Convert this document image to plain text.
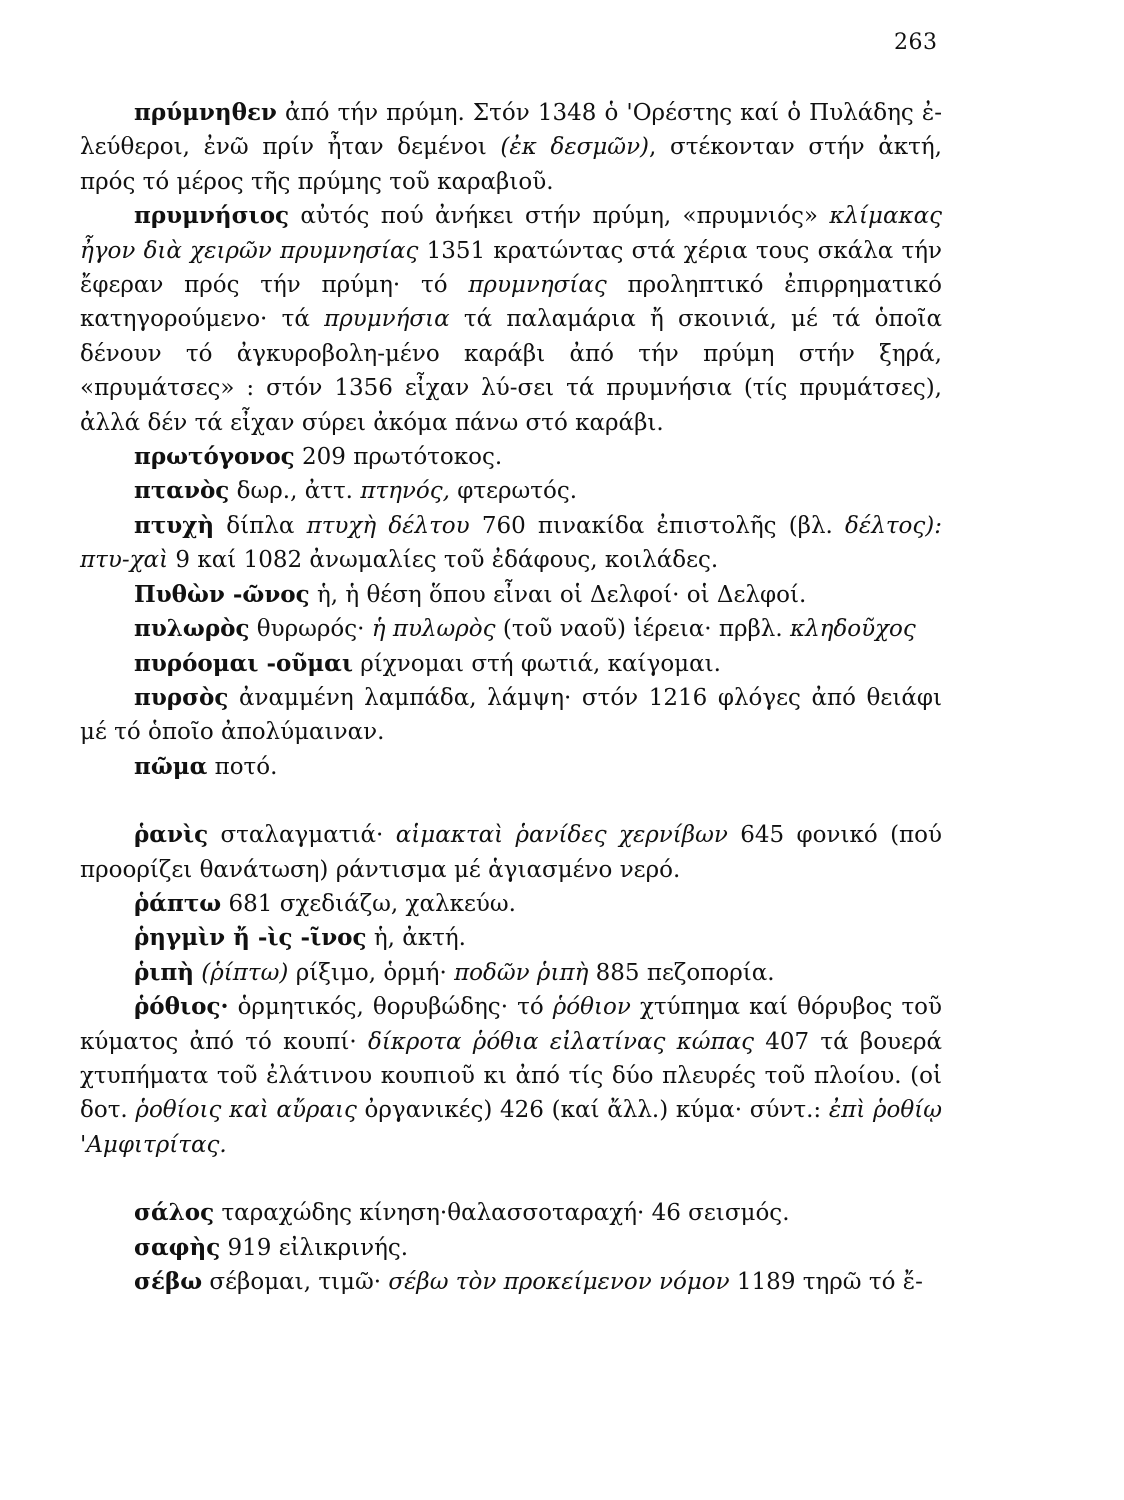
263

πρύμνηθεν ἀπό τήν πρύμη. Στόν 1348 ὁ 'Ορέστης καί ὁ Πυλάδης ἐ-λεύθεροι, ἐνῶ πρίν ἦταν δεμένοι (ἐκ δεσμῶν), στέκονταν στήν ἀκτή, πρός τό μέρος τῆς πρύμης τοῦ καραβιοῦ.

πρυμνήσιος αὐτός πού ἀνήκει στήν πρύμη, «πρυμνιός» κλίμακας ἦγον διὰ χειρῶν πρυμνησίας 1351 κρατώντας στά χέρια τους σκάλα τήν ἔφεραν πρός τήν πρύμη· τό πρυμνησίας προληπτικό ἐπιρρηματικό κατηγορούμενο· τά πρυμνήσια τά παλαμάρια ἤ σκοινιά, μέ τά ὁποῖα δένουν τό ἀγκυροβολη-μένο καράβι ἀπό τήν πρύμη στήν ξηρά, «πρυμάτσες» : στόν 1356 εἶχαν λύ-σει τά πρυμνήσια (τίς πρυμάτσες), ἀλλά δέν τά εἶχαν σύρει ἀκόμα πάνω στό καράβι.

πρωτόγονος 209 πρωτότοκος.

πτανὸς δωρ., ἀττ. πτηνός, φτερωτός.

πτυχὴ δίπλα πτυχὴ δέλτου 760 πινακίδα ἐπιστολῆς (βλ. δέλτος): πτυ-χαὶ 9 καί 1082 ἀνωμαλίες τοῦ ἐδάφους, κοιλάδες.

Πυθὼν -ῶνος ἡ, ἡ θέση ὅπου εἶναι οἱ Δελφοί· οἱ Δελφοί.

πυλωρὸς θυρωρός· ἡ πυλωρὸς (τοῦ ναοῦ) ἱέρεια· πρβλ. κληδοῦχος

πυρόομαι -οῦμαι ρίχνομαι στή φωτιά, καίγομαι.

πυρσὸς ἀναμμένη λαμπάδα, λάμψη· στόν 1216 φλόγες ἀπό θειάφι μέ τό ὁποῖο ἀπολύμαιναν.

πῶμα ποτό.

ῥανὶς σταλαγματιά· αἱμακταὶ ῥανίδες χερνίβων 645 φονικό (πού προορίζει θανάτωση) ράντισμα μέ ἁγιασμένο νερό.

ῥάπτω 681 σχεδιάζω, χαλκεύω.

ῥηγμὶν ἤ -ὶς -ῖνος ἡ, ἀκτή.

ῥιπὴ (ῥίπτω) ρίξιμο, ὁρμή· ποδῶν ῥιπὴ 885 πεζοπορία.

ῥόθιος· ὁρμητικός, θορυβώδης· τό ῥόθιον χτύπημα καί θόρυβος τοῦ κύματος ἀπό τό κουπί· δίκροτα ῥόθια εἰλατίνας κώπας 407 τά βουερά χτυπήματα τοῦ ἐλάτινου κουπιοῦ κι ἀπό τίς δύο πλευρές τοῦ πλοίου. (οἱ δοτ. ῥοθίοις καὶ αὔραις ὀργανικές) 426 (καί ἄλλ.) κύμα· σύντ.: ἐπὶ ῥοθίῳ 'Αμφιτρίτας.

σάλος ταραχώδης κίνηση·θαλασσοταραχή· 46 σεισμός.

σαφὴς 919 εἰλικρινής.

σέβω σέβομαι, τιμῶ· σέβω τὸν προκείμενον νόμον 1189 τηρῶ τό ἔ-
